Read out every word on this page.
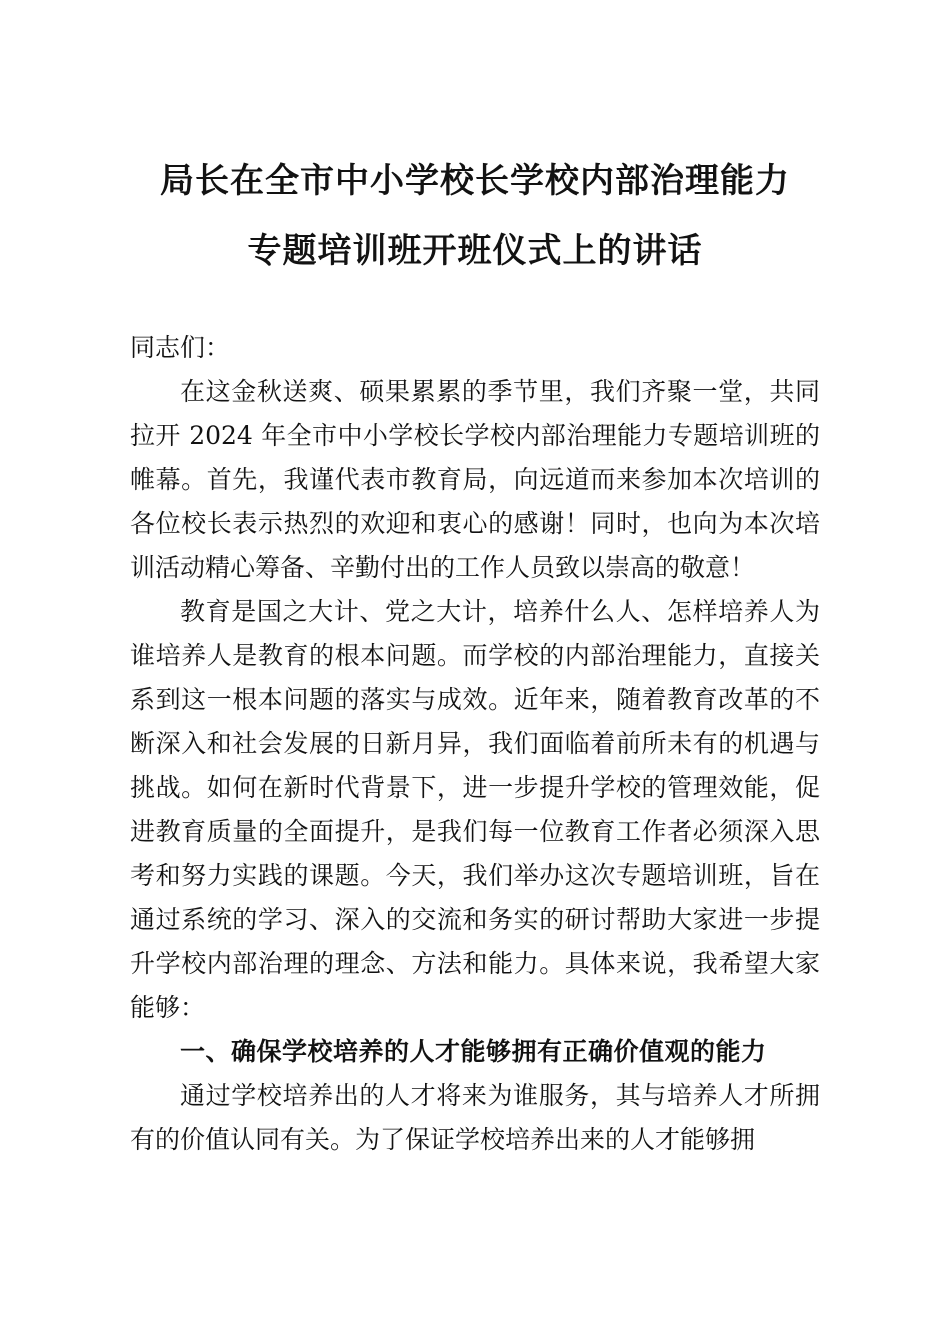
局长在全市中小学校长学校内部治理能力
专题培训班开班仪式上的讲话

同志们：

在这金秋送爽、硕果累累的季节里，我们齐聚一堂，共同拉开 2024 年全市中小学校长学校内部治理能力专题培训班的帷幕。首先，我谨代表市教育局，向远道而来参加本次培训的各位校长表示热烈的欢迎和衷心的感谢！同时，也向为本次培训活动精心筹备、辛勤付出的工作人员致以崇高的敬意！

教育是国之大计、党之大计，培养什么人、怎样培养人为谁培养人是教育的根本问题。而学校的内部治理能力，直接关系到这一根本问题的落实与成效。近年来，随着教育改革的不断深入和社会发展的日新月异，我们面临着前所未有的机遇与挑战。如何在新时代背景下，进一步提升学校的管理效能，促进教育质量的全面提升，是我们每一位教育工作者必须深入思考和努力实践的课题。今天，我们举办这次专题培训班，旨在通过系统的学习、深入的交流和务实的研讨帮助大家进一步提升学校内部治理的理念、方法和能力。具体来说，我希望大家能够：

一、确保学校培养的人才能够拥有正确价值观的能力

通过学校培养出的人才将来为谁服务，其与培养人才所拥有的价值认同有关。为了保证学校培养出来的人才能够拥
